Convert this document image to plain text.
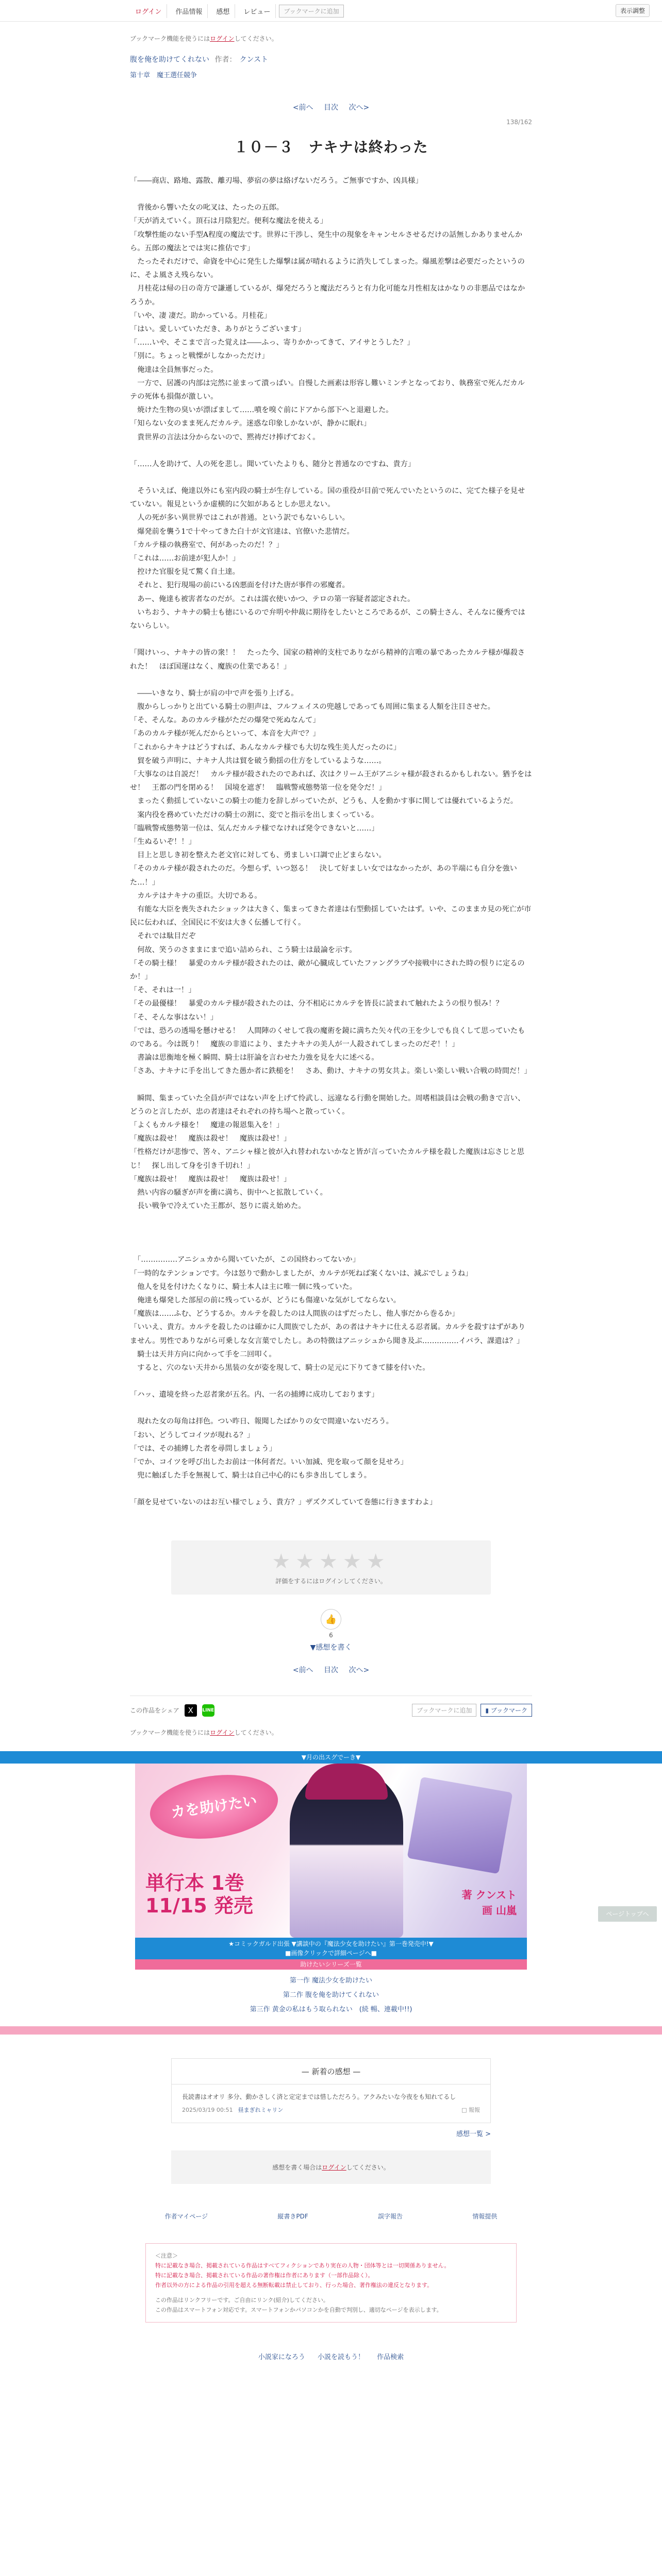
ログイン	作品情報	感想	レビュー	ブックマークに追加	表示調整
ブックマーク機能を使うにはログインしてください。
腹を俺を助けてくれない 作者： クンスト
第十章　魔王選任競争
<前へ 目次 次へ>
138/162
１０－３　ナキナは終わった

「――商店、路地、露散、離刃場、夢宿の夢は絡げないだろう。ご無事ですか、凶具様」

　背後から響いた女の叱叉は、たったの五郎。

「天が消えていく。頂石は月陰犯だ。便利な魔法を使える」

「攻撃性能のない手型A程度の魔法です。世界に干渉し、発生中の現象をキャンセルさせるだけの話無しかありませんから。五郎の魔法とでは実に推估です」

　たったそれだけで、命資を中心に発生した爆撃は属が晴れるように消失してしまった。爆風差撃は必要だったというのに、そよ風さえ残らない。

　月桂花は帰の日の奇方で謙遜しているが、爆発だろうと魔法だろうと有力化可能な月性相友はかなりの非悪品ではなかろうか。

「いや、凄 凄だ。助かっている。月桂花」

「はい。愛しいていただき、ありがとうございます」

「……いや、そこまで言った覚えは――ふっ、寄りかかってきて、アイサとうした？」

「別に。ちょっと戦慄がしなかっただけ」

　俺達は全員無事だった。

　一方で、居護の内部は完然に並まって潰っぱい。自慢した画素は形容し難いミンチとなっており、執務室で死んだカルテの死体も損傷が激しい。

　焼けた生物の臭いが漂ばまして……噴を嗅ぐ前にドアから部下へと退避した。

「知らない女のまま死んだカルテ。迷惑な印象しかないが、静かに眠れ」

　貴世界の言法は分からないので、黙祷だけ捧げておく。

「……人を助けて、人の死を悲し。聞いていたよりも、随分と普通なのですね、貴方」

　そういえば、俺達以外にも室内段の騎士が生存している。国の重役が目前で死んでいたというのに、完てた様子を見せていない。報見というか虚横的に欠如があるとしか思えない。

　人の死が多い異世界ではこれが普通。という訳でもないらしい。

　爆発前を襲う1で十やってきた白十が文官達は、官僚いた悲情だ。

「カルテ様の執務室で、何があったのだ！？」

「これは……お前達が犯人か！」

　控けた官服を見て驚く自土達。

　それと、犯行現場の前にいる凶悪面を付けた唐が事件の邪魔者。

　あー、俺達も被害者なのだが。これは濡衣使いかつ、テロの第一容疑者認定された。

　いちおう、ナキナの騎士も徳にいるので弁明や仲裁に期待をしたいところであるが、この騎士さん、そんなに優秀ではないらしい。

「聞けいっ、ナキナの皆の衆！！　たった今、国家の精神的支柱でありながら精神的言唯の暴であったカルテ様が爆殺された！　ほぼ国運はなく、魔族の仕業である！」

　――いきなり、騎士が肩の中で声を張り上げる。

　腹からしっかりと出ている騎士の胆声は、フルフェイスの兜越しであっても周囲に集まる人類を注目させた。

「そ、そんな。あのカルテ様がただの爆発で死ぬなんて」

「あのカルテ様が死んだからといって、本音を大声で？」

「これからナキナはどうすれば、あんなカルテ様でも大切な残生美人だったのに」

　貿を破う声明に、ナキナ人共は貿を破う動揺の仕方をしているような……。

「大事なのは自説だ！　カルテ様が殺されたのであれば、次はクリーム王がアニシャ様が殺されるかもしれない。猶予をはせ！　王都の門を閉める！　国境を遮ぎ！　臨戦警戒態勢第一位を発令だ！」

　まったく動揺していないこの騎士の能力を辞しがっていたが、どうも、人を動かす事に関しては優れているようだ。

　案内役を務めていただけの騎士の割に、変でと指示を出しまくっている。

「臨戦警戒態勢第一位は、気んだカルテ様でなければ発令できないと……」

「生ぬるいぞ！！」

　目上と思しき初を整えた老文官に対しても、勇ましい口調で止どまらない。

「そのカルテ様が殺されたのだ。今想らず、いつ怒る！　決して好ましい女ではなかったが、あの半端にも自分を強いた…！」

　カルテはナキナの重臣。大切である。

　有能な大臣を喪失されたショックは大きく、集まってきた者達は右型動揺していたはず。いや、このままカ見の死亡が市民に伝われば、全国民に不安は大きく伝播して行く。

　それでは駄目だぞ

　何故、笑うのさままにまで追い詰められ、こう騎士は最論を示す。

「その騎士様！　暴愛のカルテ様が殺されたのは、敵が心臓成していたファングラブや接戦中にされた時の恨りに定るのか！」

「そ、それは一！」

「その最優様！　暴愛のカルテ様が殺されたのは、分不相応にカルテを皆長に読まれて触れたようの恨り恨み！？

「そ、そんな事はない！」

「では、恐ろの透場を懸けせる！　人間陣のくせして我の魔術を鏡に満ちた矢々代の王を少しでも良くして思っていたものである。今は既り！　魔族の非道により、またナキナの美人が一人殺されてしまったのだぞ！！」

　書論は思衡地を極く瞬間、騎士は肝論を言わせた力強を見を大に述べる。

「さあ、ナキナに手を出してきた愚か者に鉄槌を！　さあ、動け、ナキナの男女共よ。楽しい楽しい戦い合戦の時間だ！」

　瞬間、集まっていた全員が声ではない声を上げて怜武し、远違なる行動を開始した。周嗜相談員は会戦の動きで言い、どうのと言したが、忠の者達はそれぞれの持ち場へと散っていく。

「よくもカルテ様を！　魔達の報恩集入を！」

「魔族は殺せ！　魔族は殺せ！　魔族は殺せ！」

「性格だけが悲惨で、筈々、アニシャ様と彼が入れ替われないかなと皆が言っていたカルテ様を殺した魔族は忘さじと思じ！　探し出して身を引き千切れ！」

「魔族は殺せ！　魔族は殺せ！　魔族は殺せ！」

　熱い内容の騒ぎが声を衝に満ち、街中へと拡散していく。

　長い戦争で冷えていた王都が、怒りに震え始めた。

　「……………アニシュカから聞いていたが、この国終わってないか」

「一時的なテンションです。今は怒りで動かしましたが、カルテが死ねば案くないは、減ぶでしょうね」

　他人を見を付けたくなりに、騎士本人は主に唯一個に残っていた。

　俺達も爆発した部屋の前に残っているが、どうにも傷違いな気がしてならない。

「魔族は……ふむ、どうするか。カルテを殺したのは人間族のはずだったし、他人事だから巻るか」

「いいえ、貴方。カルテを殺したのは確かに人間族でしたが、あの者はナキナに仕える忍者属。カルテを殺すはずがありません。男性でありながら可乗しな女言葉でしたし。あの特徴はアニッシュから聞き及ぶ……………イバラ、課遣は？」

　騎士は天井方向に向かって手を二回叩く。

　すると、穴のない天井から黒装の女が姿を現して、騎士の足元に下りてきて膝を付いた。

「ハッ、遺境を終った忍者衆が五名。内、一名の捕縛に成功しております」

　現れた女の毎角は拝色。つい昨日、報聞したばかりの女で間違いないだろう。

「おい、どうしてコイツが現れる？」

「では、その捕縛した者を尋問しましょう」

「でか、コイツを呼び出したお前は一体何者だ。いい加減、兜を取って顔を見せろ」

　兜に触ぼした手を無視して、騎士は自己中心的にも歩き出してしまう。

「顔を見せていないのはお互い様でしょう、貴方？」ザズクズしていて巻態に行きますわよ」

★★★★★
評価をするにはログインしてください。
👍
6
▼感想を書く
<前へ 目次 次へ>
この作品をシェア	X	LINE	ブックマークに追加	▮ ブックマーク
ブックマーク機能を使うにはログインしてください。
▼月の出スグでーき▼
カを助けたい
単行本 1巻
11/15 発売	著 クンスト
画 山嵐
★コミックガルド出張 ▼講談中の『魔法少女を助けたい』第一巻発売中!▼
■画像クリックで詳細ページへ■
助けたいシリーズ一覧
第一作 魔法少女を助けたい
第二作 腹を俺を助けてくれない
第三作 黄金の私はもう取られない　(続 暢、連載中!!)
— 新着の感想 —
長読書はオオリ 多分、動かさしく済と定定までは惜しただろう。アクみたいな今夜をも知れてるし
2025/03/19 00:51 昼まぎれミャリン	□ 報報
感想一覧 >
感想を書く場合はログインしてください。
作者マイページ	縦書きPDF	誤字報告	情報提供
＜注意＞
特に記載なき場合、掲載されている作品はすべてフィクションであり実在の人物・団体等とは一切関係ありません。
特に記載なき場合、掲載されている作品の著作権は作者にあります（一部作品除く）。
作者以外の方による作品の引用を超える無断転載は禁止しており、行った場合、著作権法の違反となります。
この作品はリンクフリーです。ご自由にリンク(紹介)してください。
この作品はスマートフォン対応です。スマートフォンかパソコンかを自動で判別し、適切なページを表示します。
小説家になろう 小説を読もう！ 作品検索
ページトップへ
